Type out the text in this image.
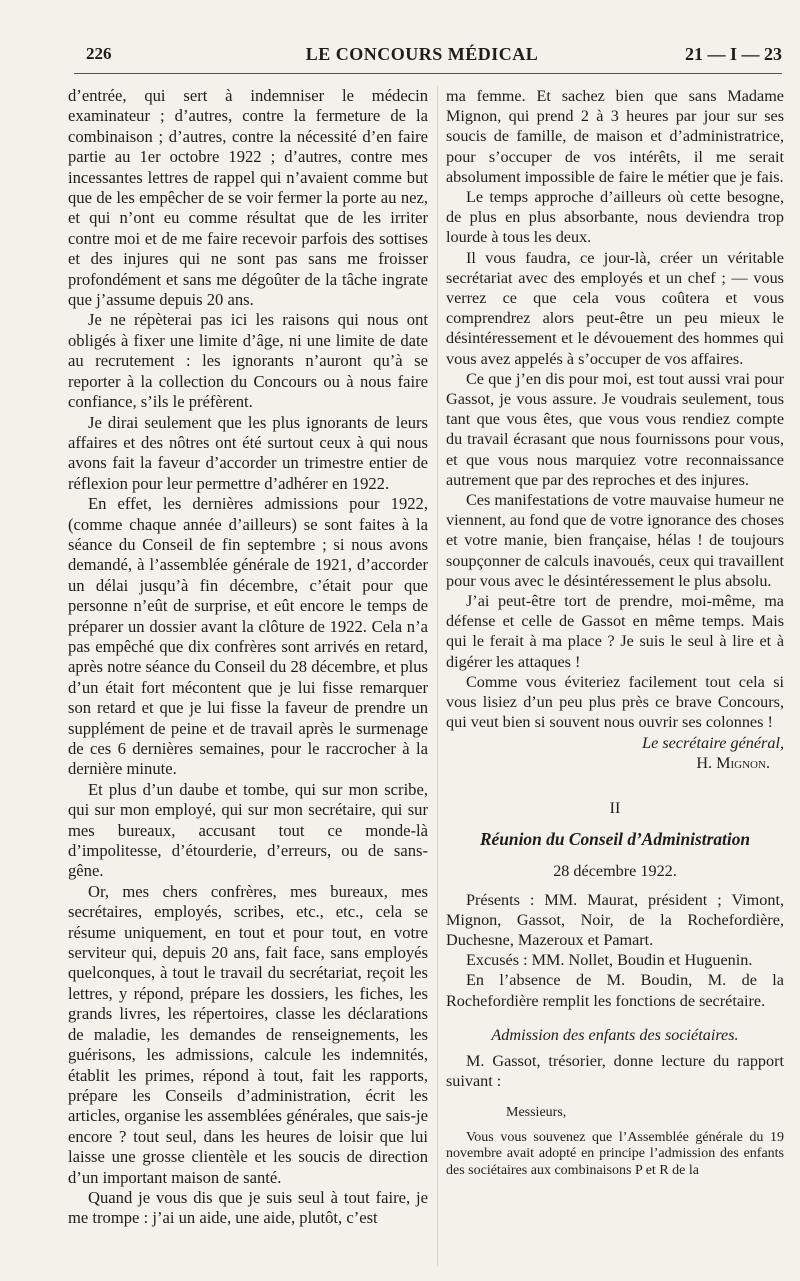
226	LE CONCOURS MÉDICAL	21 — I — 23

d’entrée, qui sert à indemniser le médecin examinateur ; d’autres, contre la fermeture de la combinaison ; d’autres, contre la nécessité d’en faire partie au 1er octobre 1922 ; d’autres, contre mes incessantes lettres de rappel qui n’avaient comme but que de les empêcher de se voir fermer la porte au nez, et qui n’ont eu comme résultat que de les irriter contre moi et de me faire recevoir parfois des sottises et des injures qui ne sont pas sans me froisser profondément et sans me dégoûter de la tâche ingrate que j’assume depuis 20 ans.

Je ne répèterai pas ici les raisons qui nous ont obligés à fixer une limite d’âge, ni une limite de date au recrutement : les ignorants n’auront qu’à se reporter à la collection du Concours ou à nous faire confiance, s’ils le préfèrent.

Je dirai seulement que les plus ignorants de leurs affaires et des nôtres ont été surtout ceux à qui nous avons fait la faveur d’accorder un trimestre entier de réflexion pour leur permettre d’adhérer en 1922.

En effet, les dernières admissions pour 1922, (comme chaque année d’ailleurs) se sont faites à la séance du Conseil de fin septembre ; si nous avons demandé, à l’assemblée générale de 1921, d’accorder un délai jusqu’à fin décembre, c’était pour que personne n’eût de surprise, et eût encore le temps de préparer un dossier avant la clôture de 1922. Cela n’a pas empêché que dix confrères sont arrivés en retard, après notre séance du Conseil du 28 décembre, et plus d’un était fort mécontent que je lui fisse remarquer son retard et que je lui fisse la faveur de prendre un supplément de peine et de travail après le surmenage de ces 6 dernières semaines, pour le raccrocher à la dernière minute.

Et plus d’un daube et tombe, qui sur mon scribe, qui sur mon employé, qui sur mon secrétaire, qui sur mes bureaux, accusant tout ce monde-là d’impolitesse, d’étourderie, d’erreurs, ou de sans-gêne.

Or, mes chers confrères, mes bureaux, mes secrétaires, employés, scribes, etc., etc., cela se résume uniquement, en tout et pour tout, en votre serviteur qui, depuis 20 ans, fait face, sans employés quelconques, à tout le travail du secrétariat, reçoit les lettres, y répond, prépare les dossiers, les fiches, les grands livres, les répertoires, classe les déclarations de maladie, les demandes de renseignements, les guérisons, les admissions, calcule les indemnités, établit les primes, répond à tout, fait les rapports, prépare les Conseils d’administration, écrit les articles, organise les assemblées générales, que sais-je encore ? tout seul, dans les heures de loisir que lui laisse une grosse clientèle et les soucis de direction d’un important maison de santé.

Quand je vous dis que je suis seul à tout faire, je me trompe : j’ai un aide, une aide, plutôt, c’est

ma femme. Et sachez bien que sans Madame Mignon, qui prend 2 à 3 heures par jour sur ses soucis de famille, de maison et d’administratrice, pour s’occuper de vos intérêts, il me serait absolument impossible de faire le métier que je fais.

Le temps approche d’ailleurs où cette besogne, de plus en plus absorbante, nous deviendra trop lourde à tous les deux.

Il vous faudra, ce jour-là, créer un véritable secrétariat avec des employés et un chef ; — vous verrez ce que cela vous coûtera et vous comprendrez alors peut-être un peu mieux le désintéressement et le dévouement des hommes qui vous avez appelés à s’occuper de vos affaires.

Ce que j’en dis pour moi, est tout aussi vrai pour Gassot, je vous assure. Je voudrais seulement, tous tant que vous êtes, que vous vous rendiez compte du travail écrasant que nous fournissons pour vous, et que vous nous marquiez votre reconnaissance autrement que par des reproches et des injures.

Ces manifestations de votre mauvaise humeur ne viennent, au fond que de votre ignorance des choses et votre manie, bien française, hélas ! de toujours soupçonner de calculs inavoués, ceux qui travaillent pour vous avec le désintéressement le plus absolu.

J’ai peut-être tort de prendre, moi-même, ma défense et celle de Gassot en même temps. Mais qui le ferait à ma place ? Je suis le seul à lire et à digérer les attaques !

Comme vous éviteriez facilement tout cela si vous lisiez d’un peu plus près ce brave Concours, qui veut bien si souvent nous ouvrir ses colonnes !

Le secrétaire général,

H. Mignon.

II
Réunion du Conseil d’Administration
28 décembre 1922.

Présents : MM. Maurat, président ; Vimont, Mignon, Gassot, Noir, de la Rochefordière, Duchesne, Mazeroux et Pamart.

Excusés : MM. Nollet, Boudin et Huguenin.

En l’absence de M. Boudin, M. de la Rochefordière remplit les fonctions de secrétaire.

Admission des enfants des sociétaires.

M. Gassot, trésorier, donne lecture du rapport suivant :

Messieurs,

Vous vous souvenez que l’Assemblée générale du 19 novembre avait adopté en principe l’admission des enfants des sociétaires aux combinaisons P et R de la
